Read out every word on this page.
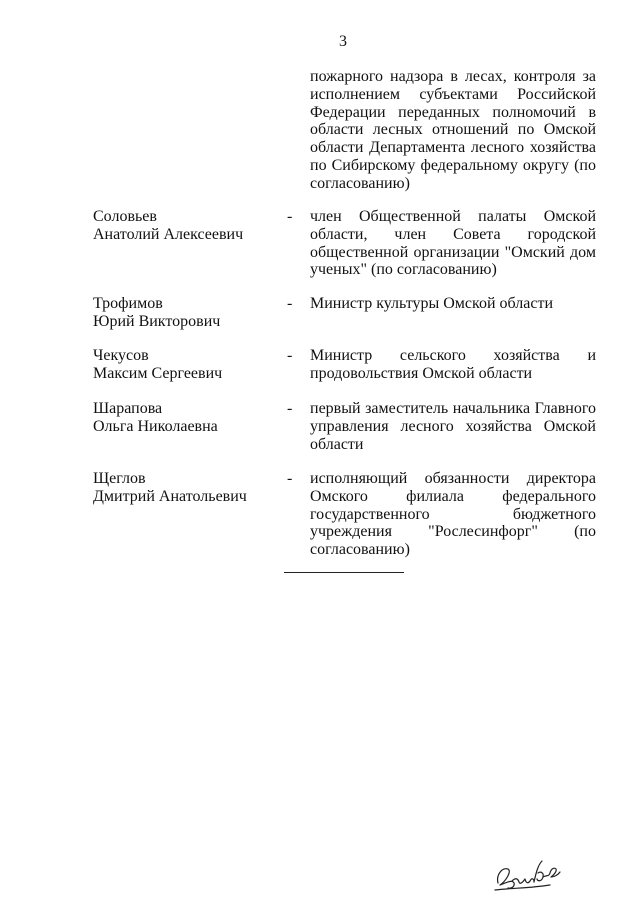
3
пожарного надзора в лесах, контроля за исполнением субъектами Российской Федерации переданных полномочий в области лесных отношений по Омской области Департамента лесного хозяйства по Сибирскому федеральному округу (по согласованию)
Соловьев
Анатолий Алексеевич
- член Общественной палаты Омской области, член Совета городской общественной организации "Омский дом ученых" (по согласованию)
Трофимов
Юрий Викторович
- Министр культуры Омской области
Чекусов
Максим Сергеевич
- Министр сельского хозяйства и продовольствия Омской области
Шарапова
Ольга Николаевна
- первый заместитель начальника Главного управления лесного хозяйства Омской области
Щеглов
Дмитрий Анатольевич
- исполняющий обязанности директора Омского филиала федерального государственного бюджетного учреждения "Рослесинфорг" (по согласованию)
